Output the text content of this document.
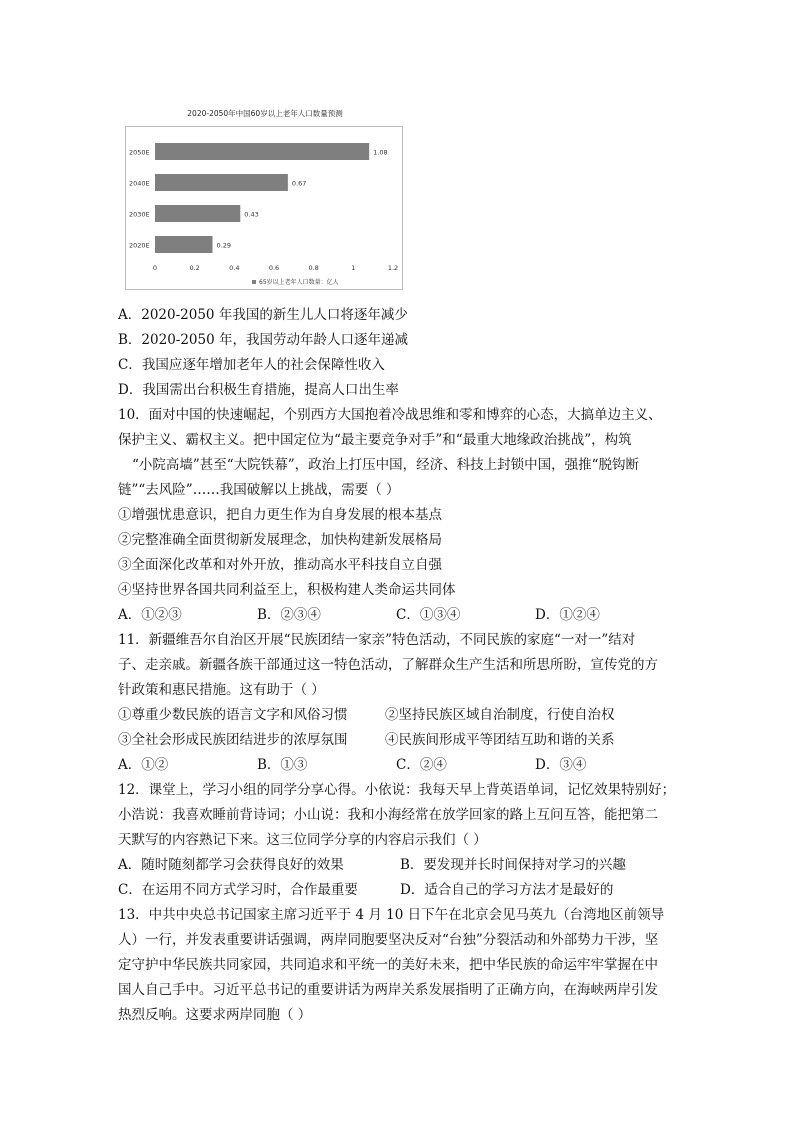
2020-2050年中国60岁以上老年人口数量预测
2050E	1.08
2040E	0.67
2030E	0.43
2020E	0.29
0	0.2	0.4	0.6	0.8	1	1.2
65岁以上老年人口数量：亿人
A．2020-2050 年我国的新生儿人口将逐年减少
B．2020-2050 年，我国劳动年龄人口逐年递减
C．我国应逐年增加老年人的社会保障性收入
D．我国需出台积极生育措施，提高人口出生率
10．面对中国的快速崛起，个别西方大国抱着冷战思维和零和博弈的心态，大搞单边主义、
保护主义、霸权主义。把中国定位为“最主要竞争对手”和“最重大地缘政治挑战”，构筑
“小院高墙”甚至“大院铁幕”，政治上打压中国，经济、科技上封锁中国，强推“脱钩断
链”“去风险”……我国破解以上挑战，需要（ ）
①增强忧患意识，把自力更生作为自身发展的根本基点
②完整准确全面贯彻新发展理念，加快构建新发展格局
③全面深化改革和对外开放，推动高水平科技自立自强
④坚持世界各国共同利益至上，积极构建人类命运共同体
A．①②③	B．②③④	C．①③④	D．①②④
11．新疆维吾尔自治区开展“民族团结一家亲”特色活动，不同民族的家庭“一对一”结对
子、走亲戚。新疆各族干部通过这一特色活动，了解群众生产生活和所思所盼，宣传党的方
针政策和惠民措施。这有助于（ ）
①尊重少数民族的语言文字和风俗习惯	②坚持民族区域自治制度，行使自治权
③全社会形成民族团结进步的浓厚氛围	④民族间形成平等团结互助和谐的关系
A．①②	B．①③	C．②④	D．③④
12．课堂上，学习小组的同学分享心得。小依说：我每天早上背英语单词，记忆效果特别好；
小浩说：我喜欢睡前背诗词；小山说：我和小海经常在放学回家的路上互问互答，能把第二
天默写的内容熟记下来。这三位同学分享的内容启示我们（ ）
A．随时随刻都学习会获得良好的效果	B．要发现并长时间保持对学习的兴趣
C．在运用不同方式学习时，合作最重要	D．适合自己的学习方法才是最好的
13．中共中央总书记国家主席习近平于 4 月 10 日下午在北京会见马英九（台湾地区前领导
人）一行，并发表重要讲话强调，两岸同胞要坚决反对“台独”分裂活动和外部势力干涉，坚
定守护中华民族共同家园，共同追求和平统一的美好未来，把中华民族的命运牢牢掌握在中
国人自己手中。习近平总书记的重要讲话为两岸关系发展指明了正确方向，在海峡两岸引发
热烈反响。这要求两岸同胞（ ）
